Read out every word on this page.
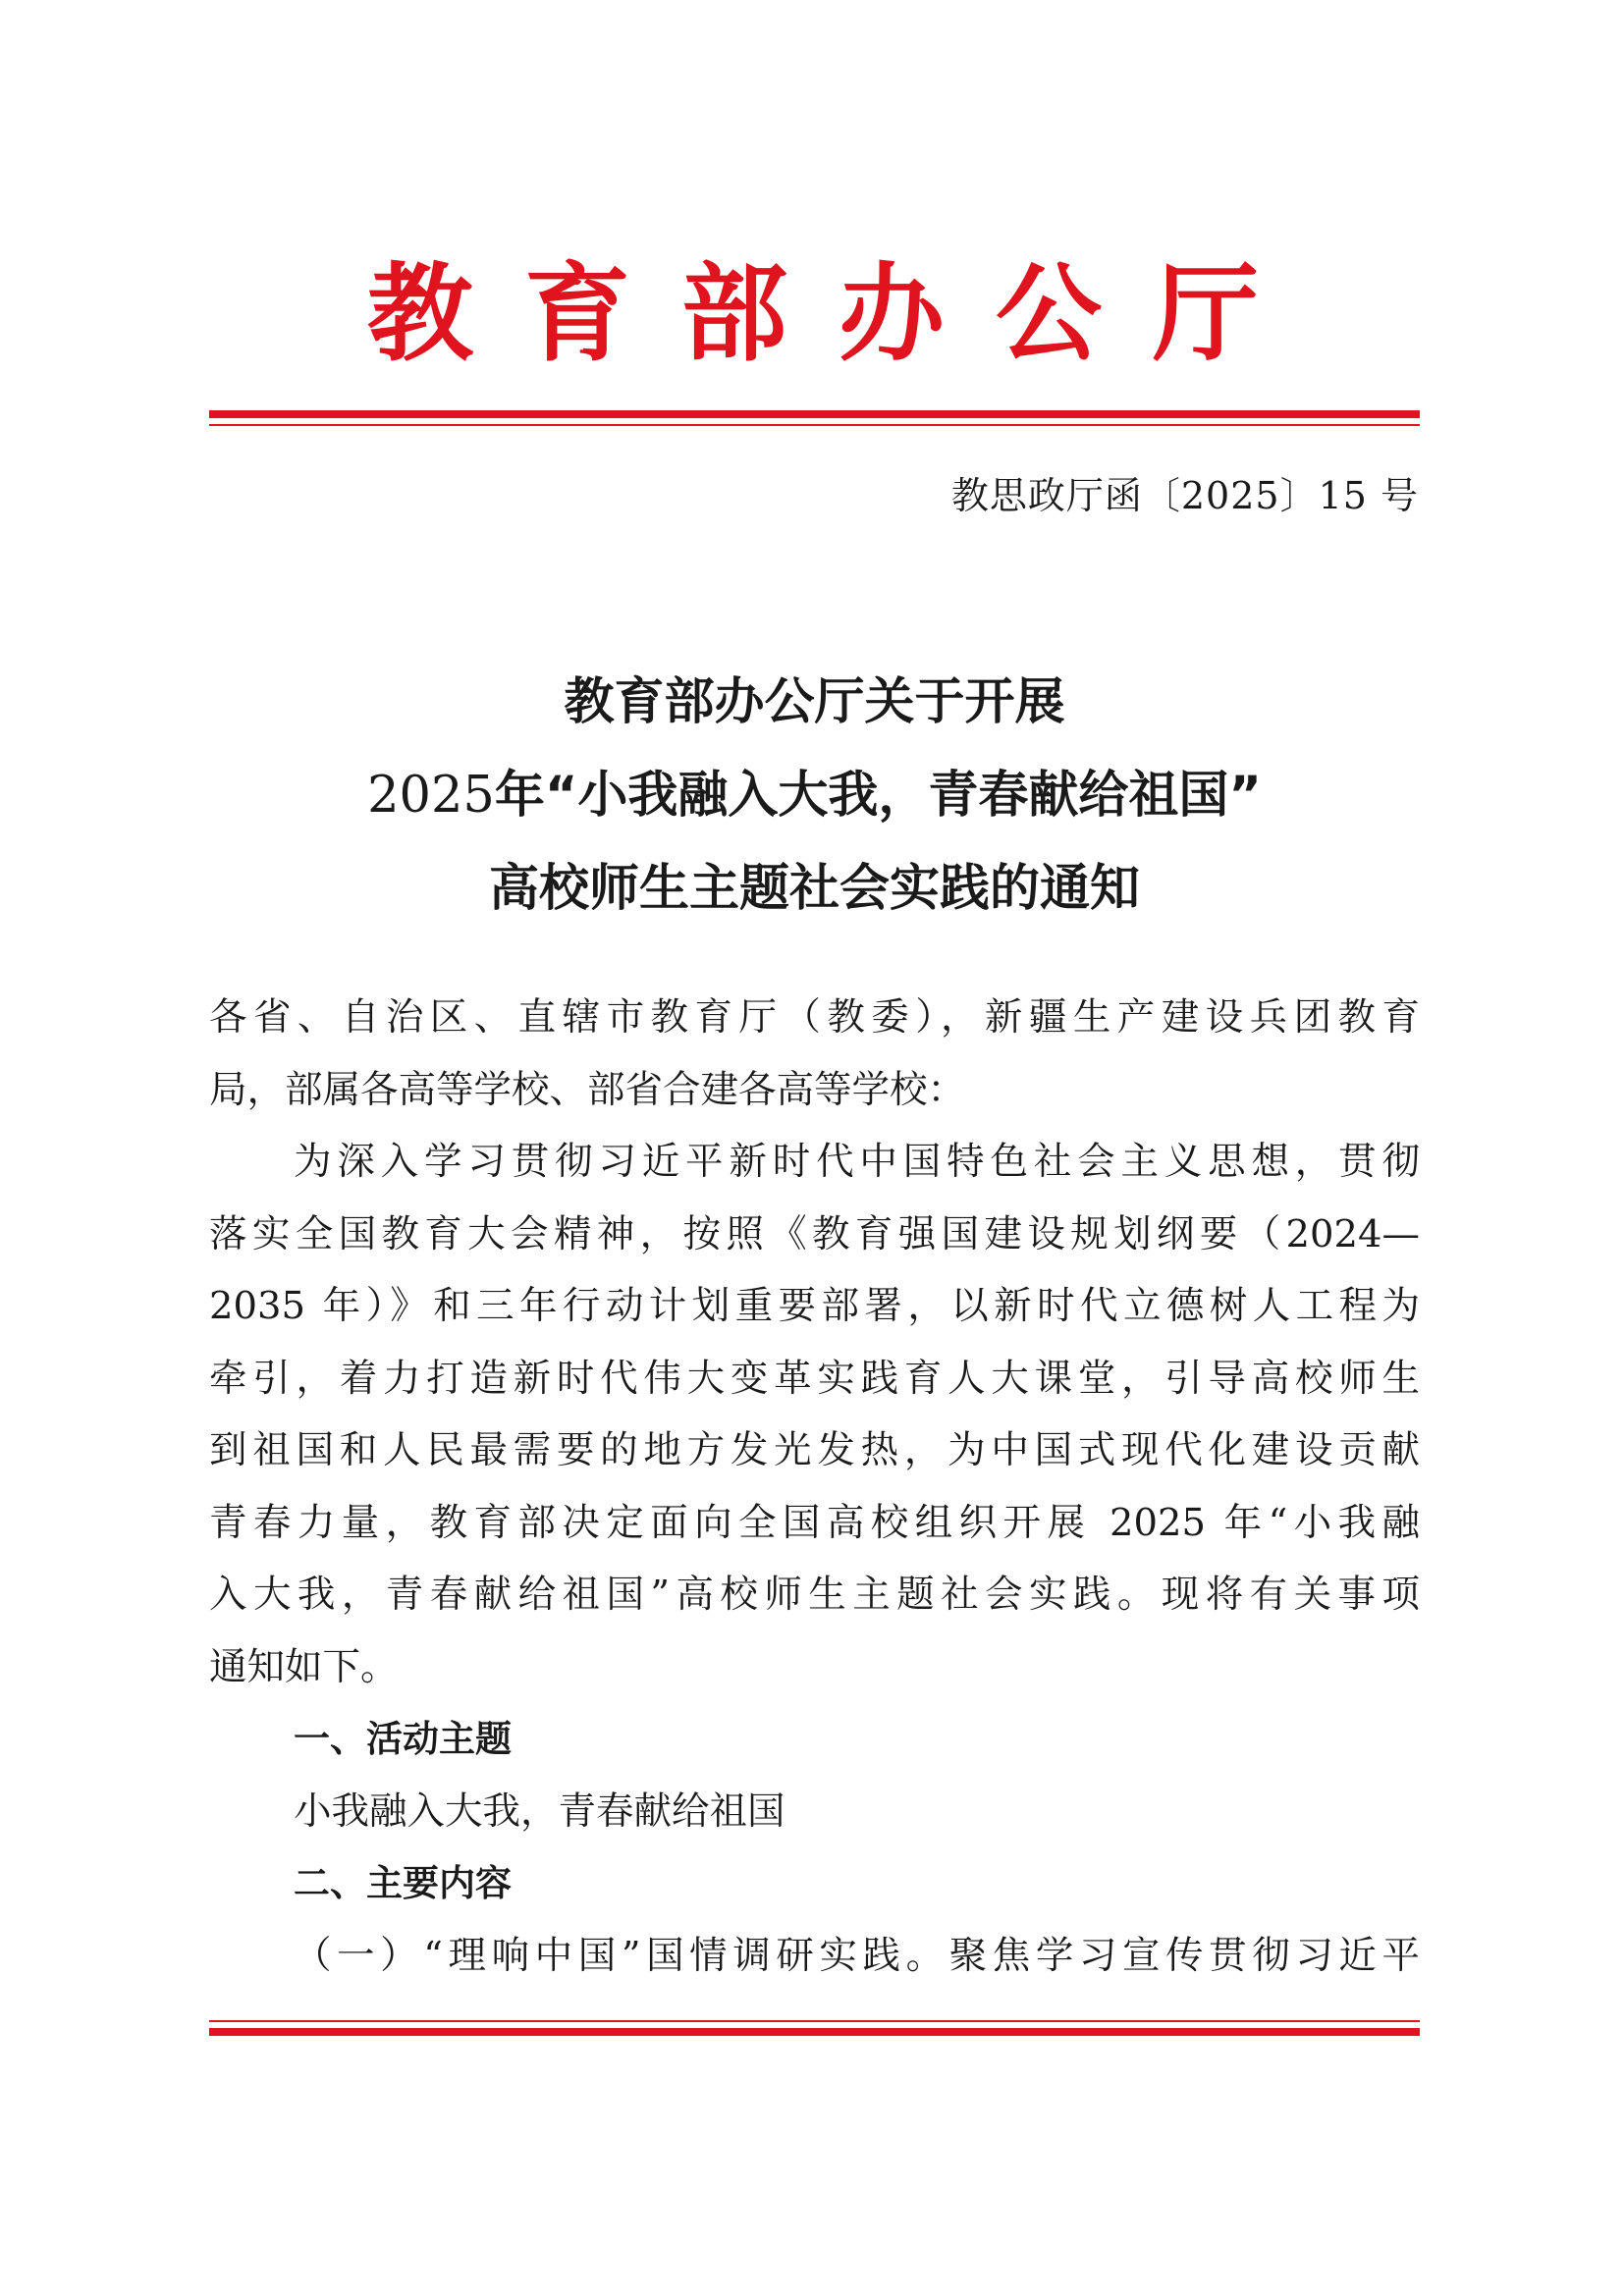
教育部办公厅
教思政厅函〔2025〕15 号
教育部办公厅关于开展
2025年“小我融入大我，青春献给祖国”
高校师生主题社会实践的通知
各省、自治区、直辖市教育厅（教委），新疆生产建设兵团教育
局，部属各高等学校、部省合建各高等学校：
为深入学习贯彻习近平新时代中国特色社会主义思想，贯彻
落实全国教育大会精神，按照《教育强国建设规划纲要（2024—
2035 年）》和三年行动计划重要部署，以新时代立德树人工程为
牵引，着力打造新时代伟大变革实践育人大课堂，引导高校师生
到祖国和人民最需要的地方发光发热，为中国式现代化建设贡献
青春力量，教育部决定面向全国高校组织开展 2025 年“小我融
入大我，青春献给祖国”高校师生主题社会实践。现将有关事项
通知如下。
一、活动主题
小我融入大我，青春献给祖国
二、主要内容
（一）“理响中国”国情调研实践。聚焦学习宣传贯彻习近平
